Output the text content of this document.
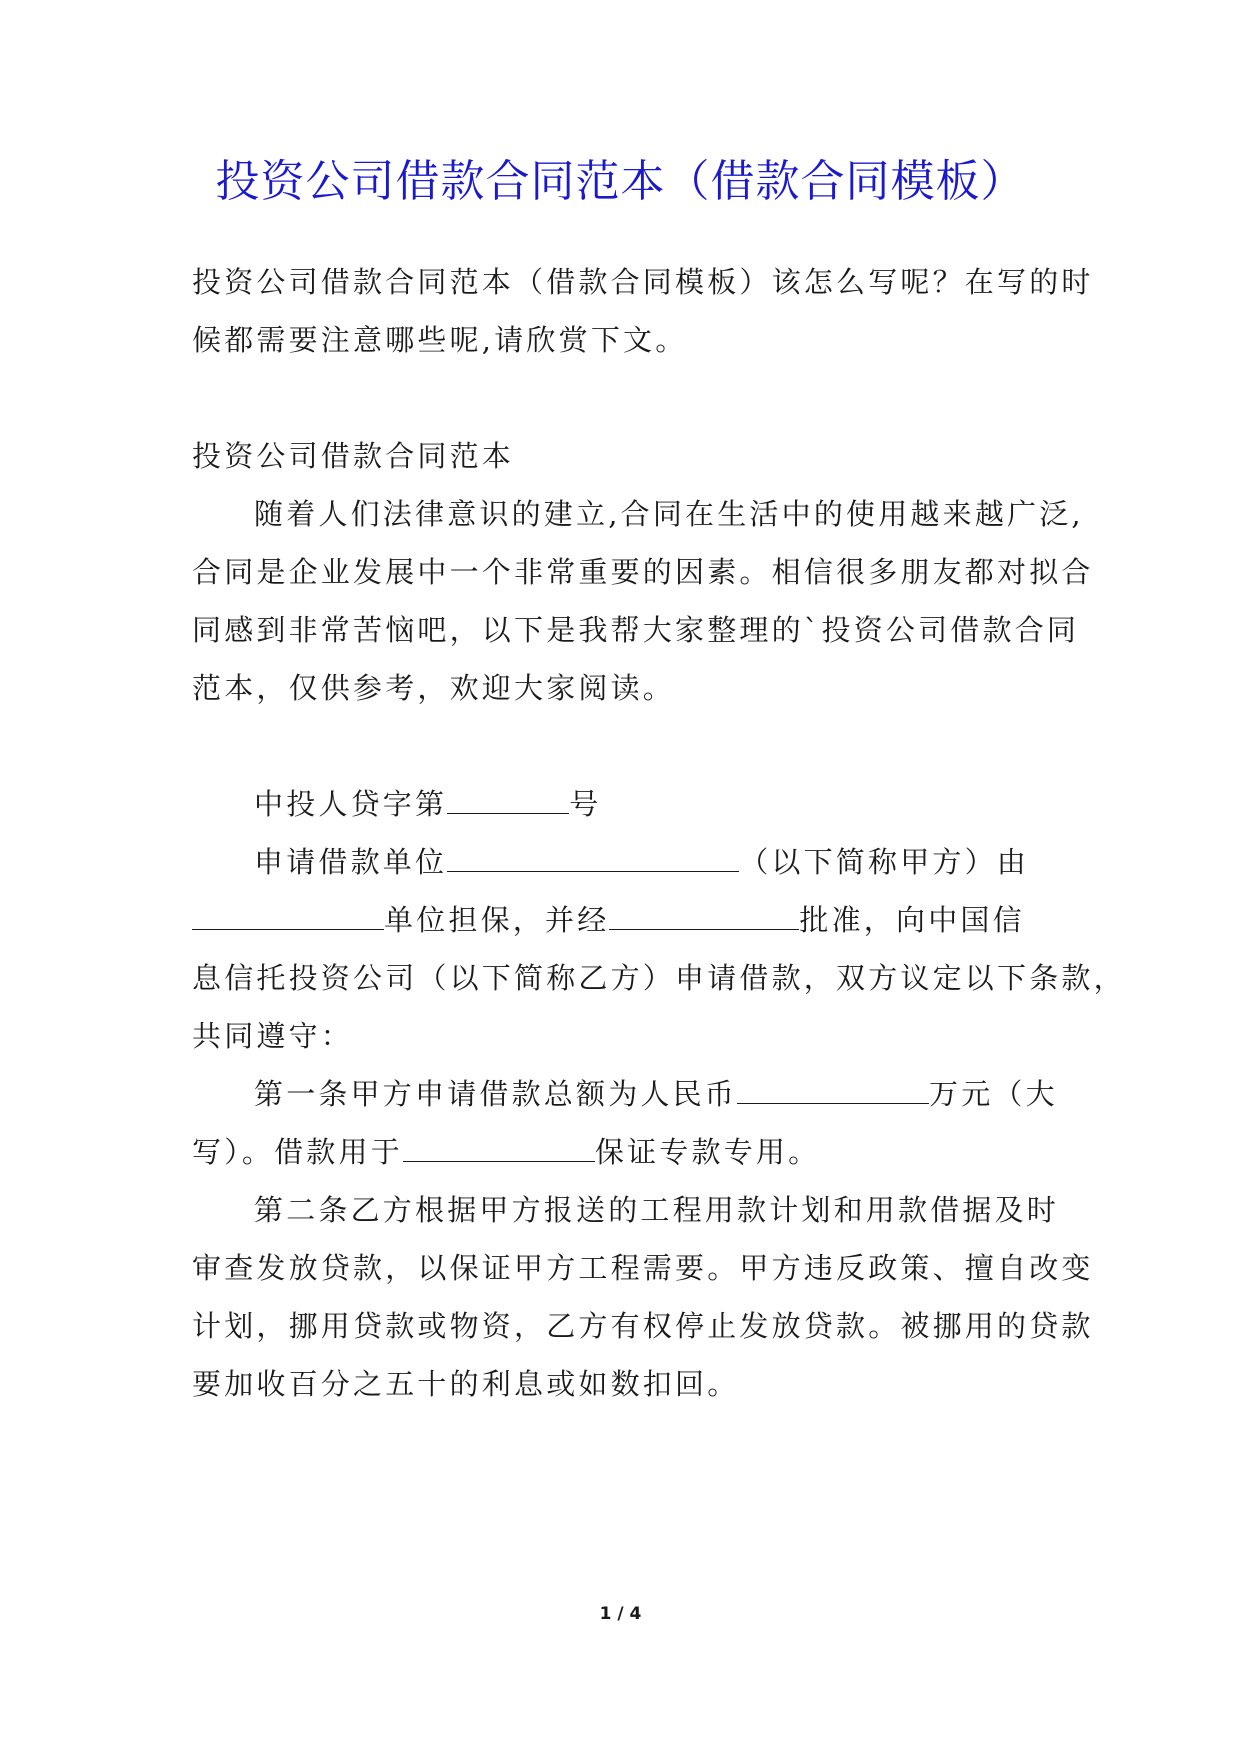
投资公司借款合同范本（借款合同模板）
投资公司借款合同范本（借款合同模板）该怎么写呢？在写的时
候都需要注意哪些呢,请欣赏下文。
投资公司借款合同范本
随着人们法律意识的建立,合同在生活中的使用越来越广泛,
合同是企业发展中一个非常重要的因素。相信很多朋友都对拟合
同感到非常苦恼吧，以下是我帮大家整理的`投资公司借款合同
范本，仅供参考，欢迎大家阅读。
中投人贷字第	号
申请借款单位	（以下简称甲方）由
单位担保，并经	批准，向中国信
息信托投资公司（以下简称乙方）申请借款，双方议定以下条款，
共同遵守：
第一条甲方申请借款总额为人民币	万元（大
写）。借款用于	保证专款专用。
第二条乙方根据甲方报送的工程用款计划和用款借据及时
审查发放贷款，以保证甲方工程需要。甲方违反政策、擅自改变
计划，挪用贷款或物资，乙方有权停止发放贷款。被挪用的贷款
要加收百分之五十的利息或如数扣回。
1 / 4
